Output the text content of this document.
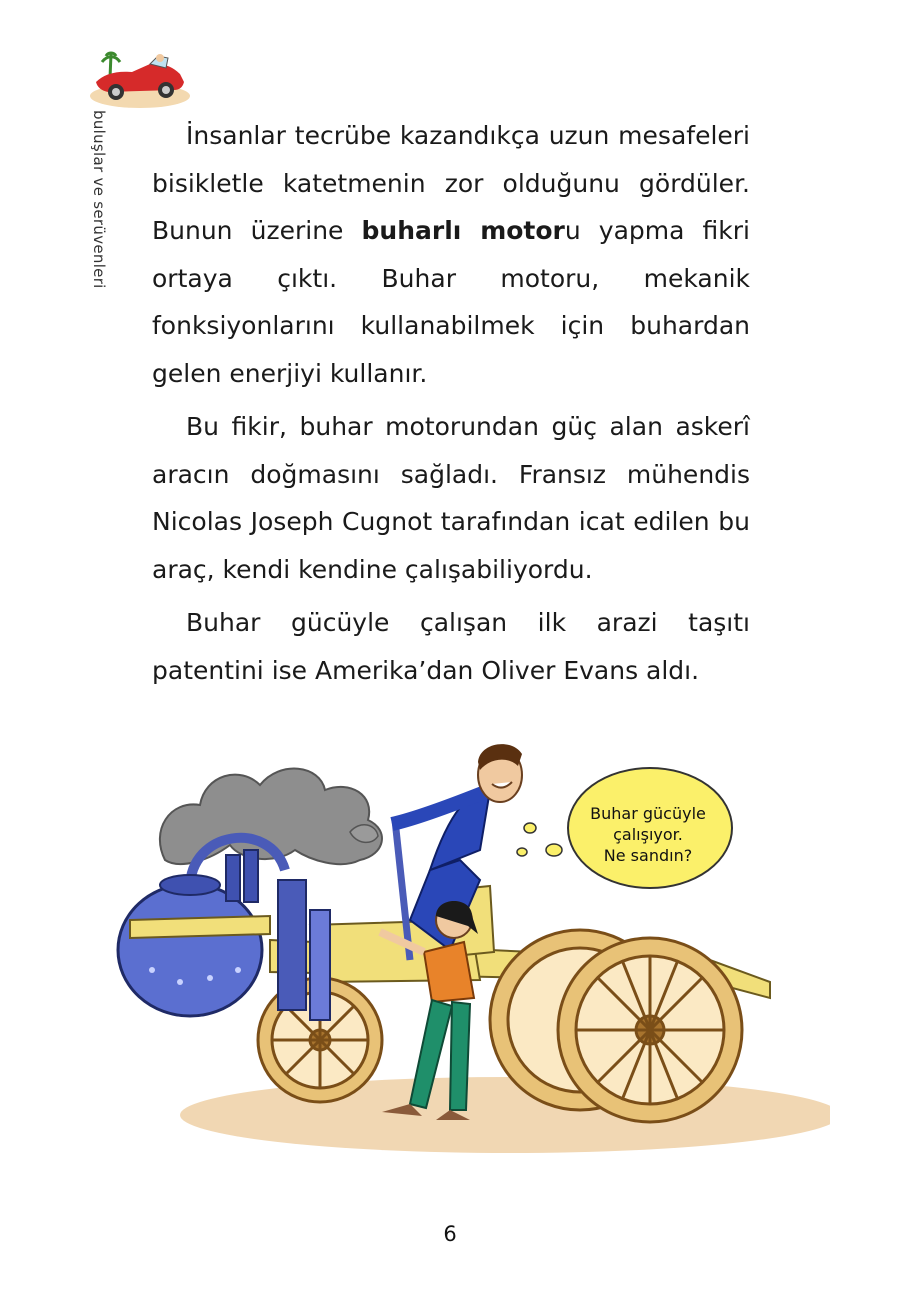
buluşlar ve serüvenleri	İnsanlar tecrübe kazandıkça uzun mesafeleri bisikletle katetmenin zor olduğunu gördüler. Bunun üzerine buharlı motoru yapma fikri ortaya çıktı. Buhar motoru, mekanik fonksiyonlarını kullanabilmek için buhardan gelen enerjiyi kullanır.

Bu fikir, buhar motorundan güç alan askerî aracın doğmasını sağladı. Fransız mühendis Nicolas Joseph Cugnot tarafından icat edilen bu araç, kendi kendine çalışabiliyordu.

Buhar gücüyle çalışan ilk arazi taşıtı patentini ise Amerika’dan Oliver Evans aldı.

Buhar gücüyle
çalışıyor.
Ne sandın?
6
